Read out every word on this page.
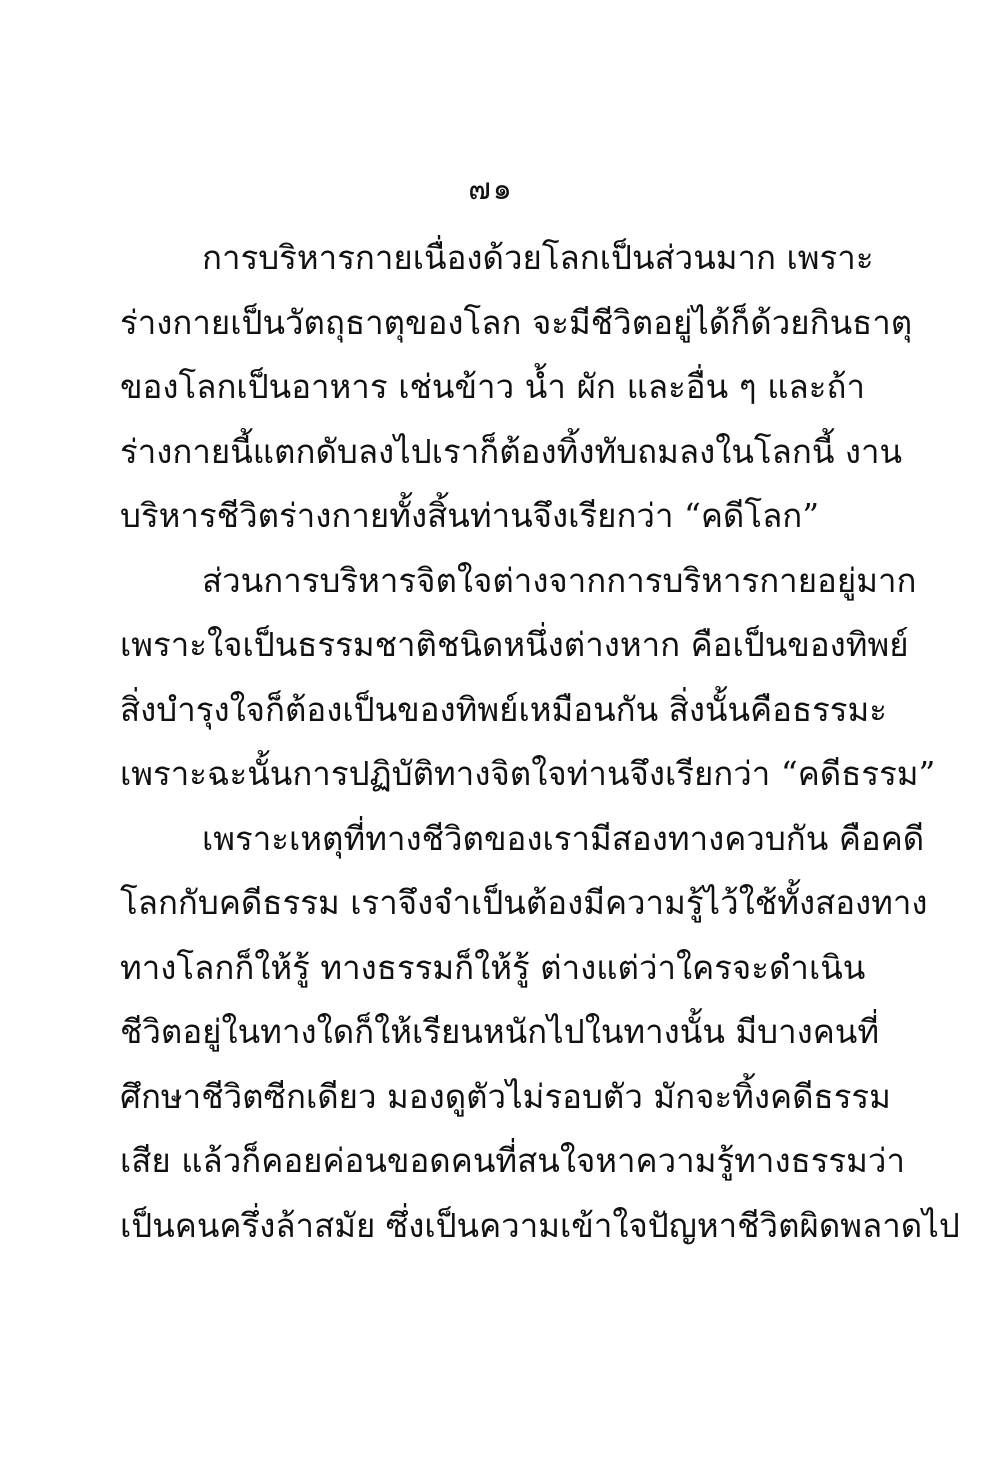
๗๑
การบริหารกายเนื่องด้วยโลกเป็นส่วนมาก เพราะ
ร่างกายเป็นวัตถุธาตุของโลก จะมีชีวิตอยู่ได้ก็ด้วยกินธาตุ
ของโลกเป็นอาหาร เช่นข้าว น้ำ ผัก และอื่น ๆ และถ้า
ร่างกายนี้แตกดับลงไปเราก็ต้องทิ้งทับถมลงในโลกนี้ งาน
บริหารชีวิตร่างกายทั้งสิ้นท่านจึงเรียกว่า “คดีโลก”
ส่วนการบริหารจิตใจต่างจากการบริหารกายอยู่มาก
เพราะใจเป็นธรรมชาติชนิดหนึ่งต่างหาก คือเป็นของทิพย์
สิ่งบำรุงใจก็ต้องเป็นของทิพย์เหมือนกัน สิ่งนั้นคือธรรมะ
เพราะฉะนั้นการปฏิบัติทางจิตใจท่านจึงเรียกว่า “คดีธรรม”
เพราะเหตุที่ทางชีวิตของเรามีสองทางควบกัน คือคดี
โลกกับคดีธรรม เราจึงจำเป็นต้องมีความรู้ไว้ใช้ทั้งสองทาง
ทางโลกก็ให้รู้ ทางธรรมก็ให้รู้ ต่างแต่ว่าใครจะดำเนิน
ชีวิตอยู่ในทางใดก็ให้เรียนหนักไปในทางนั้น มีบางคนที่
ศึกษาชีวิตซีกเดียว มองดูตัวไม่รอบตัว มักจะทิ้งคดีธรรม
เสีย แล้วก็คอยค่อนขอดคนที่สนใจหาความรู้ทางธรรมว่า
เป็นคนครึ่งล้าสมัย ซึ่งเป็นความเข้าใจปัญหาชีวิตผิดพลาดไป
